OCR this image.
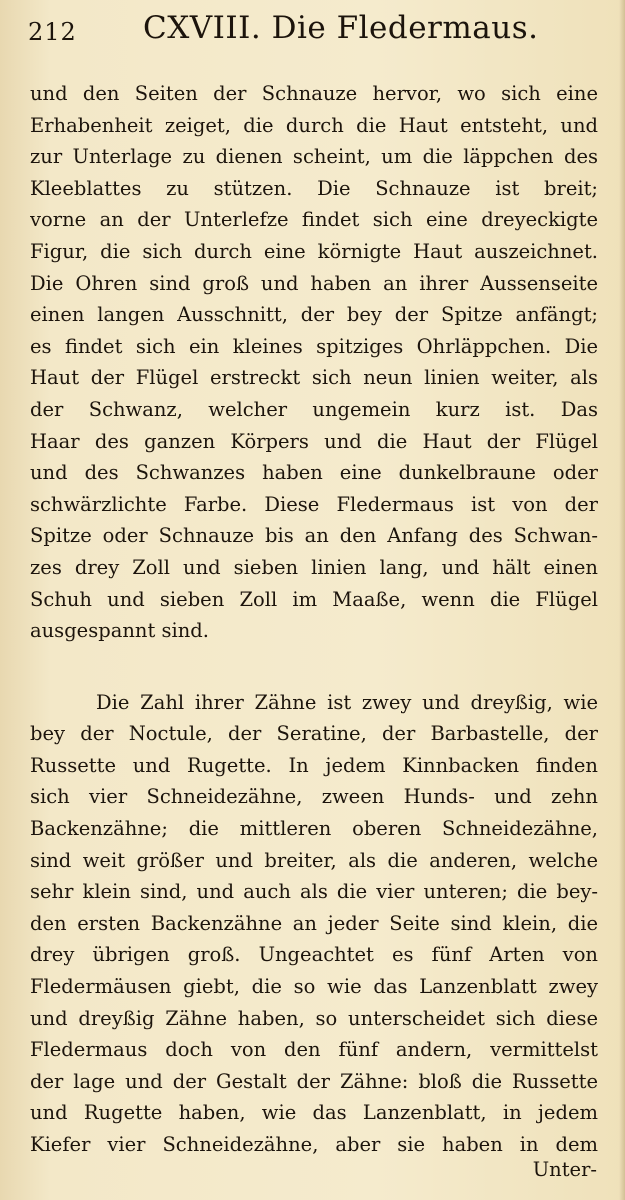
212 CXVIII. Die Fledermaus.
und den Seiten der Schnauze hervor, wo sich eine
Erhabenheit zeiget, die durch die Haut entsteht, und
zur Unterlage zu dienen scheint, um die läppchen des
Kleeblattes zu stützen. Die Schnauze ist breit;
vorne an der Unterlefze findet sich eine dreyeckigte
Figur, die sich durch eine körnigte Haut auszeichnet.
Die Ohren sind groß und haben an ihrer Aussenseite
einen langen Ausschnitt, der bey der Spitze anfängt;
es findet sich ein kleines spitziges Ohrläppchen. Die
Haut der Flügel erstreckt sich neun linien weiter, als
der Schwanz, welcher ungemein kurz ist. Das
Haar des ganzen Körpers und die Haut der Flügel
und des Schwanzes haben eine dunkelbraune oder
schwärzlichte Farbe. Diese Fledermaus ist von der
Spitze oder Schnauze bis an den Anfang des Schwan-
zes drey Zoll und sieben linien lang, und hält einen
Schuh und sieben Zoll im Maaße, wenn die Flügel
ausgespannt sind.
Die Zahl ihrer Zähne ist zwey und dreyßig, wie
bey der Noctule, der Seratine, der Barbastelle, der
Russette und Rugette. In jedem Kinnbacken finden
sich vier Schneidezähne, zween Hunds- und zehn
Backenzähne; die mittleren oberen Schneidezähne,
sind weit größer und breiter, als die anderen, welche
sehr klein sind, und auch als die vier unteren; die bey-
den ersten Backenzähne an jeder Seite sind klein, die
drey übrigen groß. Ungeachtet es fünf Arten von
Fledermäusen giebt, die so wie das Lanzenblatt zwey
und dreyßig Zähne haben, so unterscheidet sich diese
Fledermaus doch von den fünf andern, vermittelst
der lage und der Gestalt der Zähne: bloß die Russette
und Rugette haben, wie das Lanzenblatt, in jedem
Kiefer vier Schneidezähne, aber sie haben in dem
Unter-
